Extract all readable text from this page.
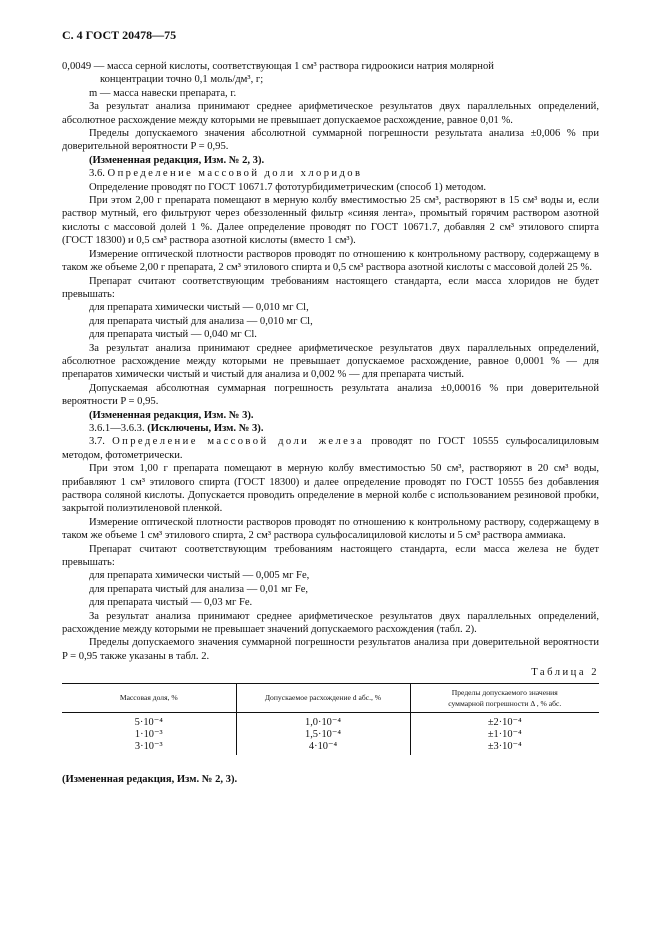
С. 4 ГОСТ 20478—75

0,0049 — масса серной кислоты, соответствующая 1 см³ раствора гидроокиси натрия молярной

концентрации точно 0,1 моль/дм³, г;

m — масса навески препарата, г.

За результат анализа принимают среднее арифметическое результатов двух параллельных определений, абсолютное расхождение между которыми не превышает допускаемое расхождение, равное 0,01 %.

Пределы допускаемого значения абсолютной суммарной погрешности результата анализа ±0,006 % при доверительной вероятности P = 0,95.

(Измененная редакция, Изм. № 2, 3).

3.6. Определение массовой доли хлоридов

Определение проводят по ГОСТ 10671.7 фототурбидиметрическим (способ 1) методом.

При этом 2,00 г препарата помещают в мерную колбу вместимостью 25 см³, растворяют в 15 см³ воды и, если раствор мутный, его фильтруют через обеззоленный фильтр «синяя лента», промытый горячим раствором азотной кислоты с массовой долей 1 %. Далее определение проводят по ГОСТ 10671.7, добавляя 2 см³ этилового спирта (ГОСТ 18300) и 0,5 см³ раствора азотной кислоты (вместо 1 см³).

Измерение оптической плотности растворов проводят по отношению к контрольному раствору, содержащему в таком же объеме 2,00 г препарата, 2 см³ этилового спирта и 0,5 см³ раствора азотной кислоты с массовой долей 25 %.

Препарат считают соответствующим требованиям настоящего стандарта, если масса хлоридов не будет превышать:

для препарата химически чистый — 0,010 мг Cl,

для препарата чистый для анализа — 0,010 мг Cl,

для препарата чистый — 0,040 мг Cl.

За результат анализа принимают среднее арифметическое результатов двух параллельных определений, абсолютное расхождение между которыми не превышает допускаемое расхождение, равное 0,0001 % — для препаратов химически чистый и чистый для анализа и 0,002 % — для препарата чистый.

Допускаемая абсолютная суммарная погрешность результата анализа ±0,00016 % при доверительной вероятности P = 0,95.

(Измененная редакция, Изм. № 3).

3.6.1—3.6.3. (Исключены, Изм. № 3).

3.7. Определение массовой доли железа проводят по ГОСТ 10555 сульфосалициловым методом, фотометрически.

При этом 1,00 г препарата помещают в мерную колбу вместимостью 50 см³, растворяют в 20 см³ воды, прибавляют 1 см³ этилового спирта (ГОСТ 18300) и далее определение проводят по ГОСТ 10555 без добавления раствора соляной кислоты. Допускается проводить определение в мерной колбе с использованием резиновой пробки, закрытой полиэтиленовой пленкой.

Измерение оптической плотности растворов проводят по отношению к контрольному раствору, содержащему в таком же объеме 1 см³ этилового спирта, 2 см³ раствора сульфосалициловой кислоты и 5 см³ раствора аммиака.

Препарат считают соответствующим требованиям настоящего стандарта, если масса железа не будет превышать:

для препарата химически чистый — 0,005 мг Fe,

для препарата чистый для анализа — 0,01 мг Fe,

для препарата чистый — 0,03 мг Fe.

За результат анализа принимают среднее арифметическое результатов двух параллельных определений, расхождение между которыми не превышает значений допускаемого расхождения (табл. 2).

Пределы допускаемого значения суммарной погрешности результатов анализа при доверительной вероятности P = 0,95 также указаны в табл. 2.

Таблица 2

Массовая доля, %	Допускаемое расхождение d абс., %	Пределы допускаемого значения
суммарной погрешности Δ , % абс.
5·10⁻⁴	1,0·10⁻⁴	±2·10⁻⁴
1·10⁻³	1,5·10⁻⁴	±1·10⁻⁴
3·10⁻³	4·10⁻⁴	±3·10⁻⁴

(Измененная редакция, Изм. № 2, 3).
